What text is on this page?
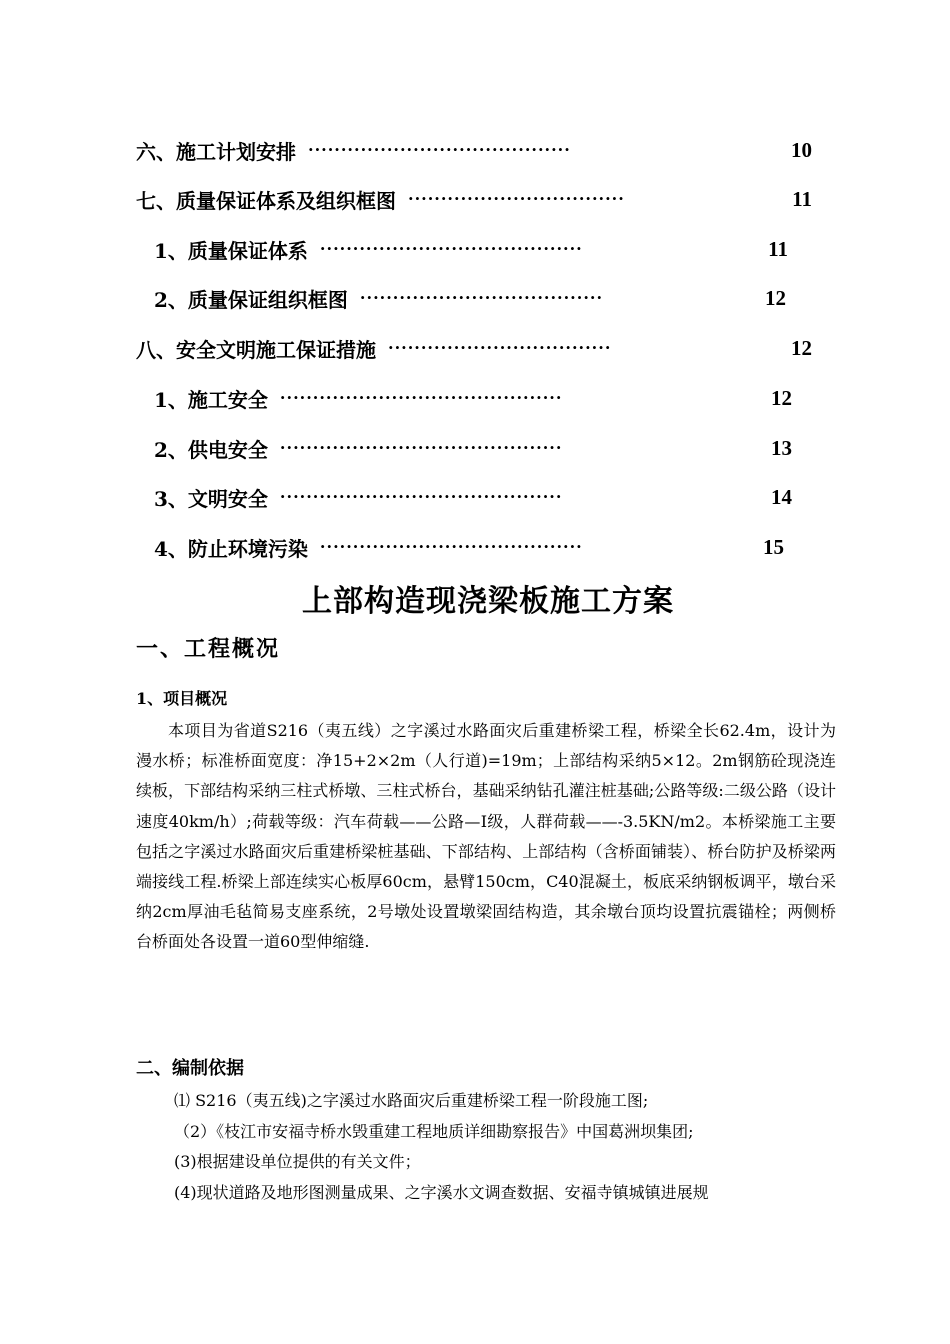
六、施工计划安排 ········································	10
七、质量保证体系及组织框图 ·································	11
1、质量保证体系 ········································	11
2、质量保证组织框图 ·····································	12
八、安全文明施工保证措施 ··································	12
1、施工安全 ···········································	12
2、供电安全 ···········································	13
3、文明安全 ···········································	14
4、防止环境污染 ········································	15
上部构造现浇梁板施工方案
一、工程概况
1、项目概况

本项目为省道S216（夷五线）之字溪过水路面灾后重建桥梁工程，桥梁全长62.4m，设计为漫水桥；标准桥面宽度：净15+2×2m（人行道)=19m；上部结构采纳5×12。2m钢筋砼现浇连续板，下部结构采纳三柱式桥墩、三柱式桥台，基础采纳钻孔灌注桩基础;公路等级:二级公路（设计速度40km/h）;荷载等级：汽车荷载——公路—Ⅰ级，人群荷载——-3.5KN/m2。本桥梁施工主要包括之字溪过水路面灾后重建桥梁桩基础、下部结构、上部结构（含桥面铺装）、桥台防护及桥梁两端接线工程.桥梁上部连续实心板厚60cm，悬臂150cm，C40混凝土，板底采纳钢板调平，墩台采纳2cm厚油毛毡简易支座系统，2号墩处设置墩梁固结构造，其余墩台顶均设置抗震锚栓；两侧桥台桥面处各设置一道60型伸缩缝.

二、编制依据
⑴ S216（夷五线)之字溪过水路面灾后重建桥梁工程一阶段施工图;
（2）《枝江市安福寺桥水毁重建工程地质详细勘察报告》中国葛洲坝集团;
(3)根据建设单位提供的有关文件；
(4)现状道路及地形图测量成果、之字溪水文调查数据、安福寺镇城镇进展规
